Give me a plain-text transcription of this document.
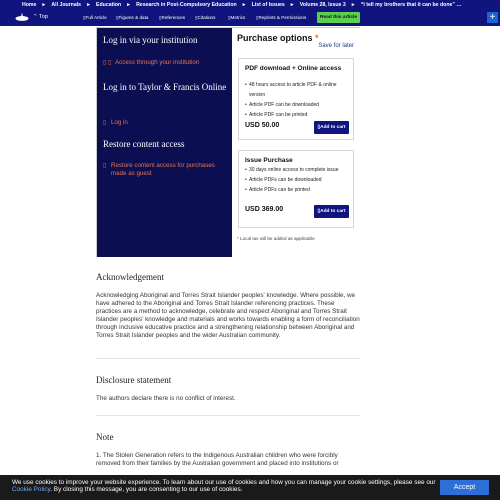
Home ► All Journals ► Education ► Research in Post-Compulsory Education ► List of Issues ► Volume 28, Issue 3 ► “I tell my brothers that it can be done” …
⌃ Top	▯Full Article ▯Figures & data ▯References ▯Citations	▯Metrics ▯Reprints & Permissions	Read this article	+
Log in via your institution
▯ ▯ Access through your institution
Log in to Taylor & Francis Online
▯ Log in
Restore content access
▯ Restore content access for purchases made as guest
Purchase options *
Save for later
PDF download + Online access
• 48 hours access to article PDF & online version
• Article PDF can be downloaded
• Article PDF can be printed
USD 50.00	▯ Add to cart
Issue Purchase
• 30 days online access to complete issue
• Article PDFs can be downloaded
• Article PDFs can be printed
USD 369.00	▯ Add to cart
* Local tax will be added as applicable
Acknowledgement
Acknowledging Aboriginal and Torres Strait Islander peoples' knowledge. Where possible, we have adhered to the Aboriginal and Torres Strait Islander referencing practices. These practices are a method to acknowledge, celebrate and respect Aboriginal and Torres Strait Islander peoples' knowledge and materials and works towards enabling a form of reconciliation through inclusive educative practice and a strengthening relationship between Aboriginal and Torres Strait Islander peoples and the wider Australian community.
Disclosure statement
The authors declare there is no conflict of interest.
Note
1. The Stolen Generation refers to the Indigenous Australian children who were forcibly removed from their families by the Australian government and placed into institutions or
We use cookies to improve your website experience. To learn about our use of cookies and how you can manage your cookie settings, please see our Cookie Policy. By closing this message, you are consenting to our use of cookies.	Accept
